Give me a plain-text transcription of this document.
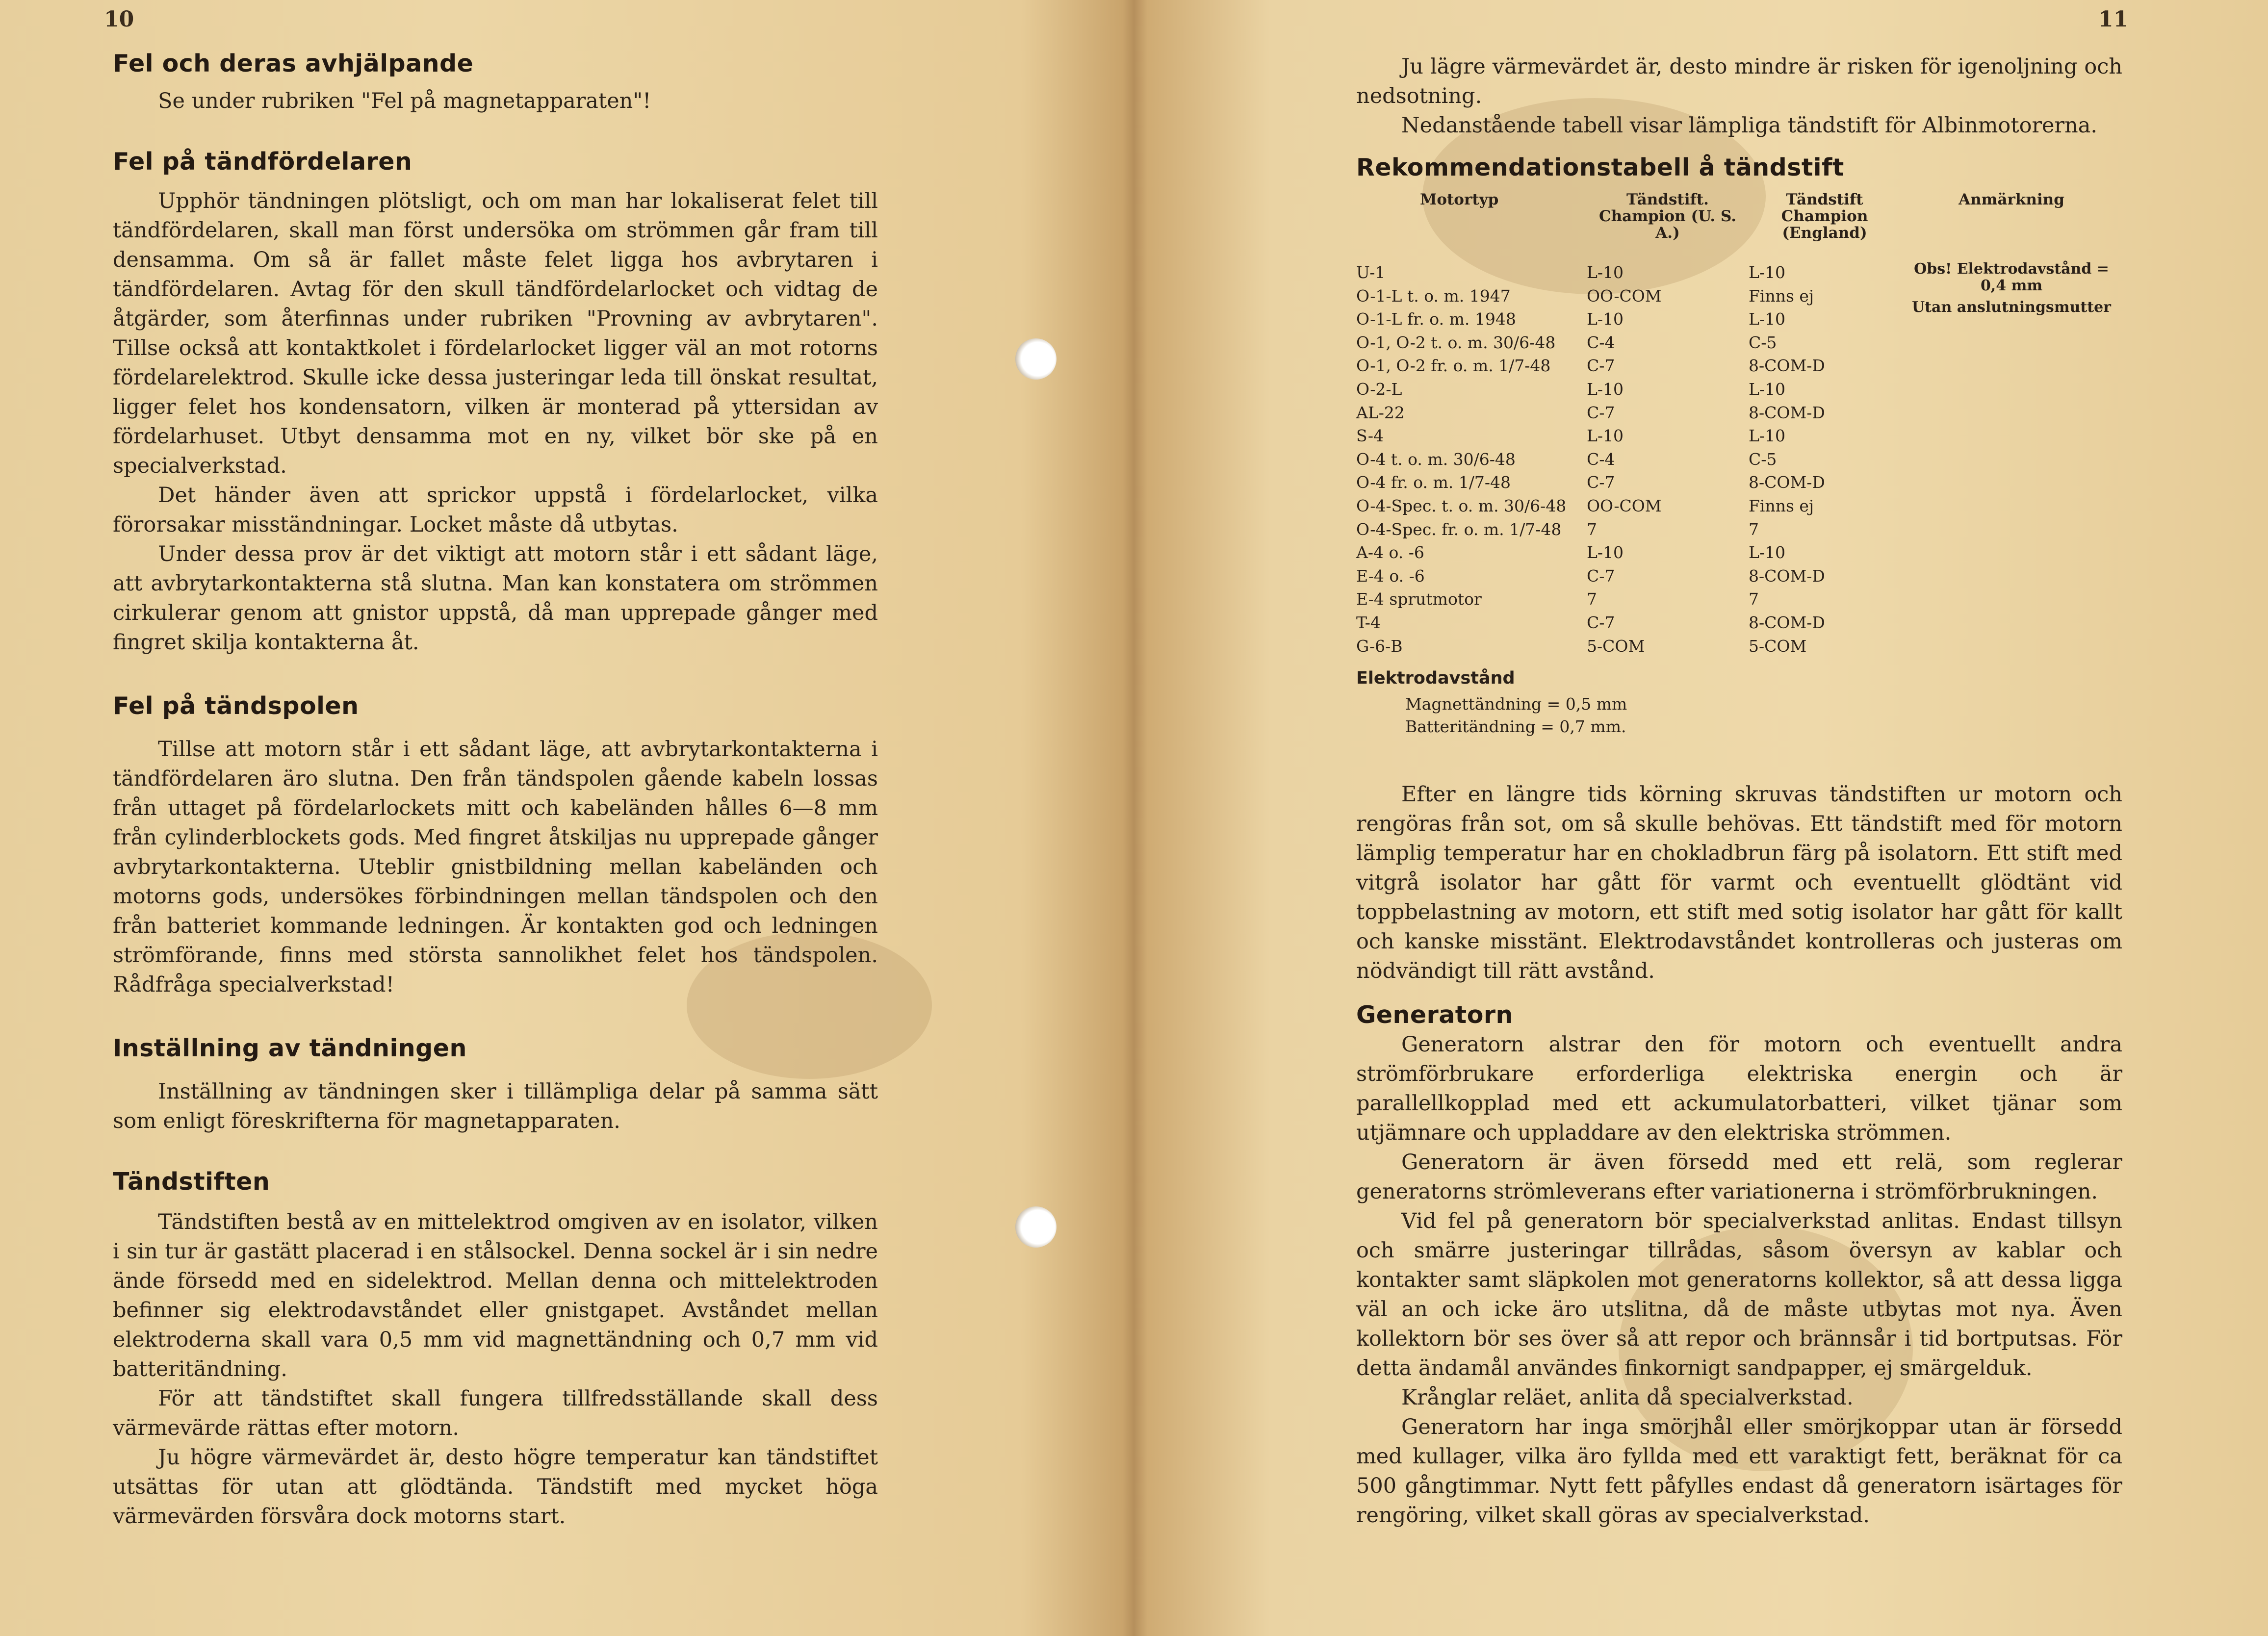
10
Fel och deras avhjälpande

Se under rubriken "Fel på magnetapparaten"!

Fel på tändfördelaren

Upphör tändningen plötsligt, och om man har lokaliserat felet till tändfördelaren, skall man först undersöka om strömmen går fram till densamma. Om så är fallet måste felet ligga hos avbrytaren i tändfördelaren. Avtag för den skull tändfördelarlocket och vidtag de åtgärder, som återfinnas under rubriken "Provning av avbrytaren". Tillse också att kontaktkolet i fördelarlocket ligger väl an mot rotorns fördelarelektrod. Skulle icke dessa justeringar leda till önskat resultat, ligger felet hos kondensatorn, vilken är monterad på yttersidan av fördelarhuset. Utbyt densamma mot en ny, vilket bör ske på en specialverkstad.

Det händer även att sprickor uppstå i fördelarlocket, vilka förorsakar misständningar. Locket måste då utbytas.

Under dessa prov är det viktigt att motorn står i ett sådant läge, att avbrytarkontakterna stå slutna. Man kan konstatera om strömmen cirkulerar genom att gnistor uppstå, då man upprepade gånger med fingret skilja kontakterna åt.

Fel på tändspolen

Tillse att motorn står i ett sådant läge, att avbrytarkontakterna i tändfördelaren äro slutna. Den från tändspolen gående kabeln lossas från uttaget på fördelarlockets mitt och kabeländen hålles 6—8 mm från cylinderblockets gods. Med fingret åtskiljas nu upprepade gånger avbrytarkontakterna. Uteblir gnistbildning mellan kabeländen och motorns gods, undersökes förbindningen mellan tändspolen och den från batteriet kommande ledningen. Är kontakten god och ledningen strömförande, finns med största sannolikhet felet hos tändspolen. Rådfråga specialverkstad!

Inställning av tändningen

Inställning av tändningen sker i tillämpliga delar på samma sätt som enligt föreskrifterna för magnetapparaten.

Tändstiften

Tändstiften bestå av en mittelektrod omgiven av en isolator, vilken i sin tur är gastätt placerad i en stålsockel. Denna sockel är i sin nedre ände försedd med en sidelektrod. Mellan denna och mittelektroden befinner sig elektrodavståndet eller gnistgapet. Avståndet mellan elektroderna skall vara 0,5 mm vid magnettändning och 0,7 mm vid batteritändning.

För att tändstiftet skall fungera tillfredsställande skall dess värmevärde rättas efter motorn.

Ju högre värmevärdet är, desto högre temperatur kan tändstiftet utsättas för utan att glödtända. Tändstift med mycket höga värmevärden försvåra dock motorns start.

11

Ju lägre värmevärdet är, desto mindre är risken för igenoljning och nedsotning.

Nedanstående tabell visar lämpliga tändstift för Albinmotorerna.

Rekommendationstabell å tändstift
Motortyp	Tändstift. Champion (U. S. A.)	Tändstift Champion (England)	Anmärkning
U-1	L-10	L-10	Obs! Elektrodavstånd =
0,4 mm
Utan anslutningsmutter

O-1-L t. o. m. 1947	OO-COM	Finns ej	
O-1-L fr. o. m. 1948	L-10	L-10	
O-1, O-2 t. o. m. 30/6-48	C-4	C-5	
O-1, O-2 fr. o. m. 1/7-48	C-7	8-COM-D	
O-2-L	L-10	L-10	
AL-22	C-7	8-COM-D	
S-4	L-10	L-10	
O-4 t. o. m. 30/6-48	C-4	C-5	
O-4 fr. o. m. 1/7-48	C-7	8-COM-D	
O-4-Spec. t. o. m. 30/6-48	OO-COM	Finns ej	
O-4-Spec. fr. o. m. 1/7-48	7	7	
A-4 o. -6	L-10	L-10	
E-4 o. -6	C-7	8-COM-D	
E-4 sprutmotor	7	7	
T-4	C-7	8-COM-D	
G-6-B	5-COM	5-COM	
Elektrodavstånd

Magnettändning = 0,5 mm

Batteritändning = 0,7 mm.

Efter en längre tids körning skruvas tändstiften ur motorn och rengöras från sot, om så skulle behövas. Ett tändstift med för motorn lämplig temperatur har en chokladbrun färg på isolatorn. Ett stift med vitgrå isolator har gått för varmt och eventuellt glödtänt vid toppbelastning av motorn, ett stift med sotig isolator har gått för kallt och kanske misstänt. Elektrodavståndet kontrolleras och justeras om nödvändigt till rätt avstånd.

Generatorn

Generatorn alstrar den för motorn och eventuellt andra strömförbrukare erforderliga elektriska energin och är parallellkopplad med ett ackumulatorbatteri, vilket tjänar som utjämnare och uppladdare av den elektriska strömmen.

Generatorn är även försedd med ett relä, som reglerar generatorns strömleverans efter variationerna i strömförbrukningen.

Vid fel på generatorn bör specialverkstad anlitas. Endast tillsyn och smärre justeringar tillrådas, såsom översyn av kablar och kontakter samt släpkolen mot generatorns kollektor, så att dessa ligga väl an och icke äro utslitna, då de måste utbytas mot nya. Även kollektorn bör ses över så att repor och brännsår i tid bortputsas. För detta ändamål användes finkornigt sandpapper, ej smärgelduk.

Krånglar reläet, anlita då specialverkstad.

Generatorn har inga smörjhål eller smörjkoppar utan är försedd med kullager, vilka äro fyllda med ett varaktigt fett, beräknat för ca 500 gångtimmar. Nytt fett påfylles endast då generatorn isärtages för rengöring, vilket skall göras av specialverkstad.
